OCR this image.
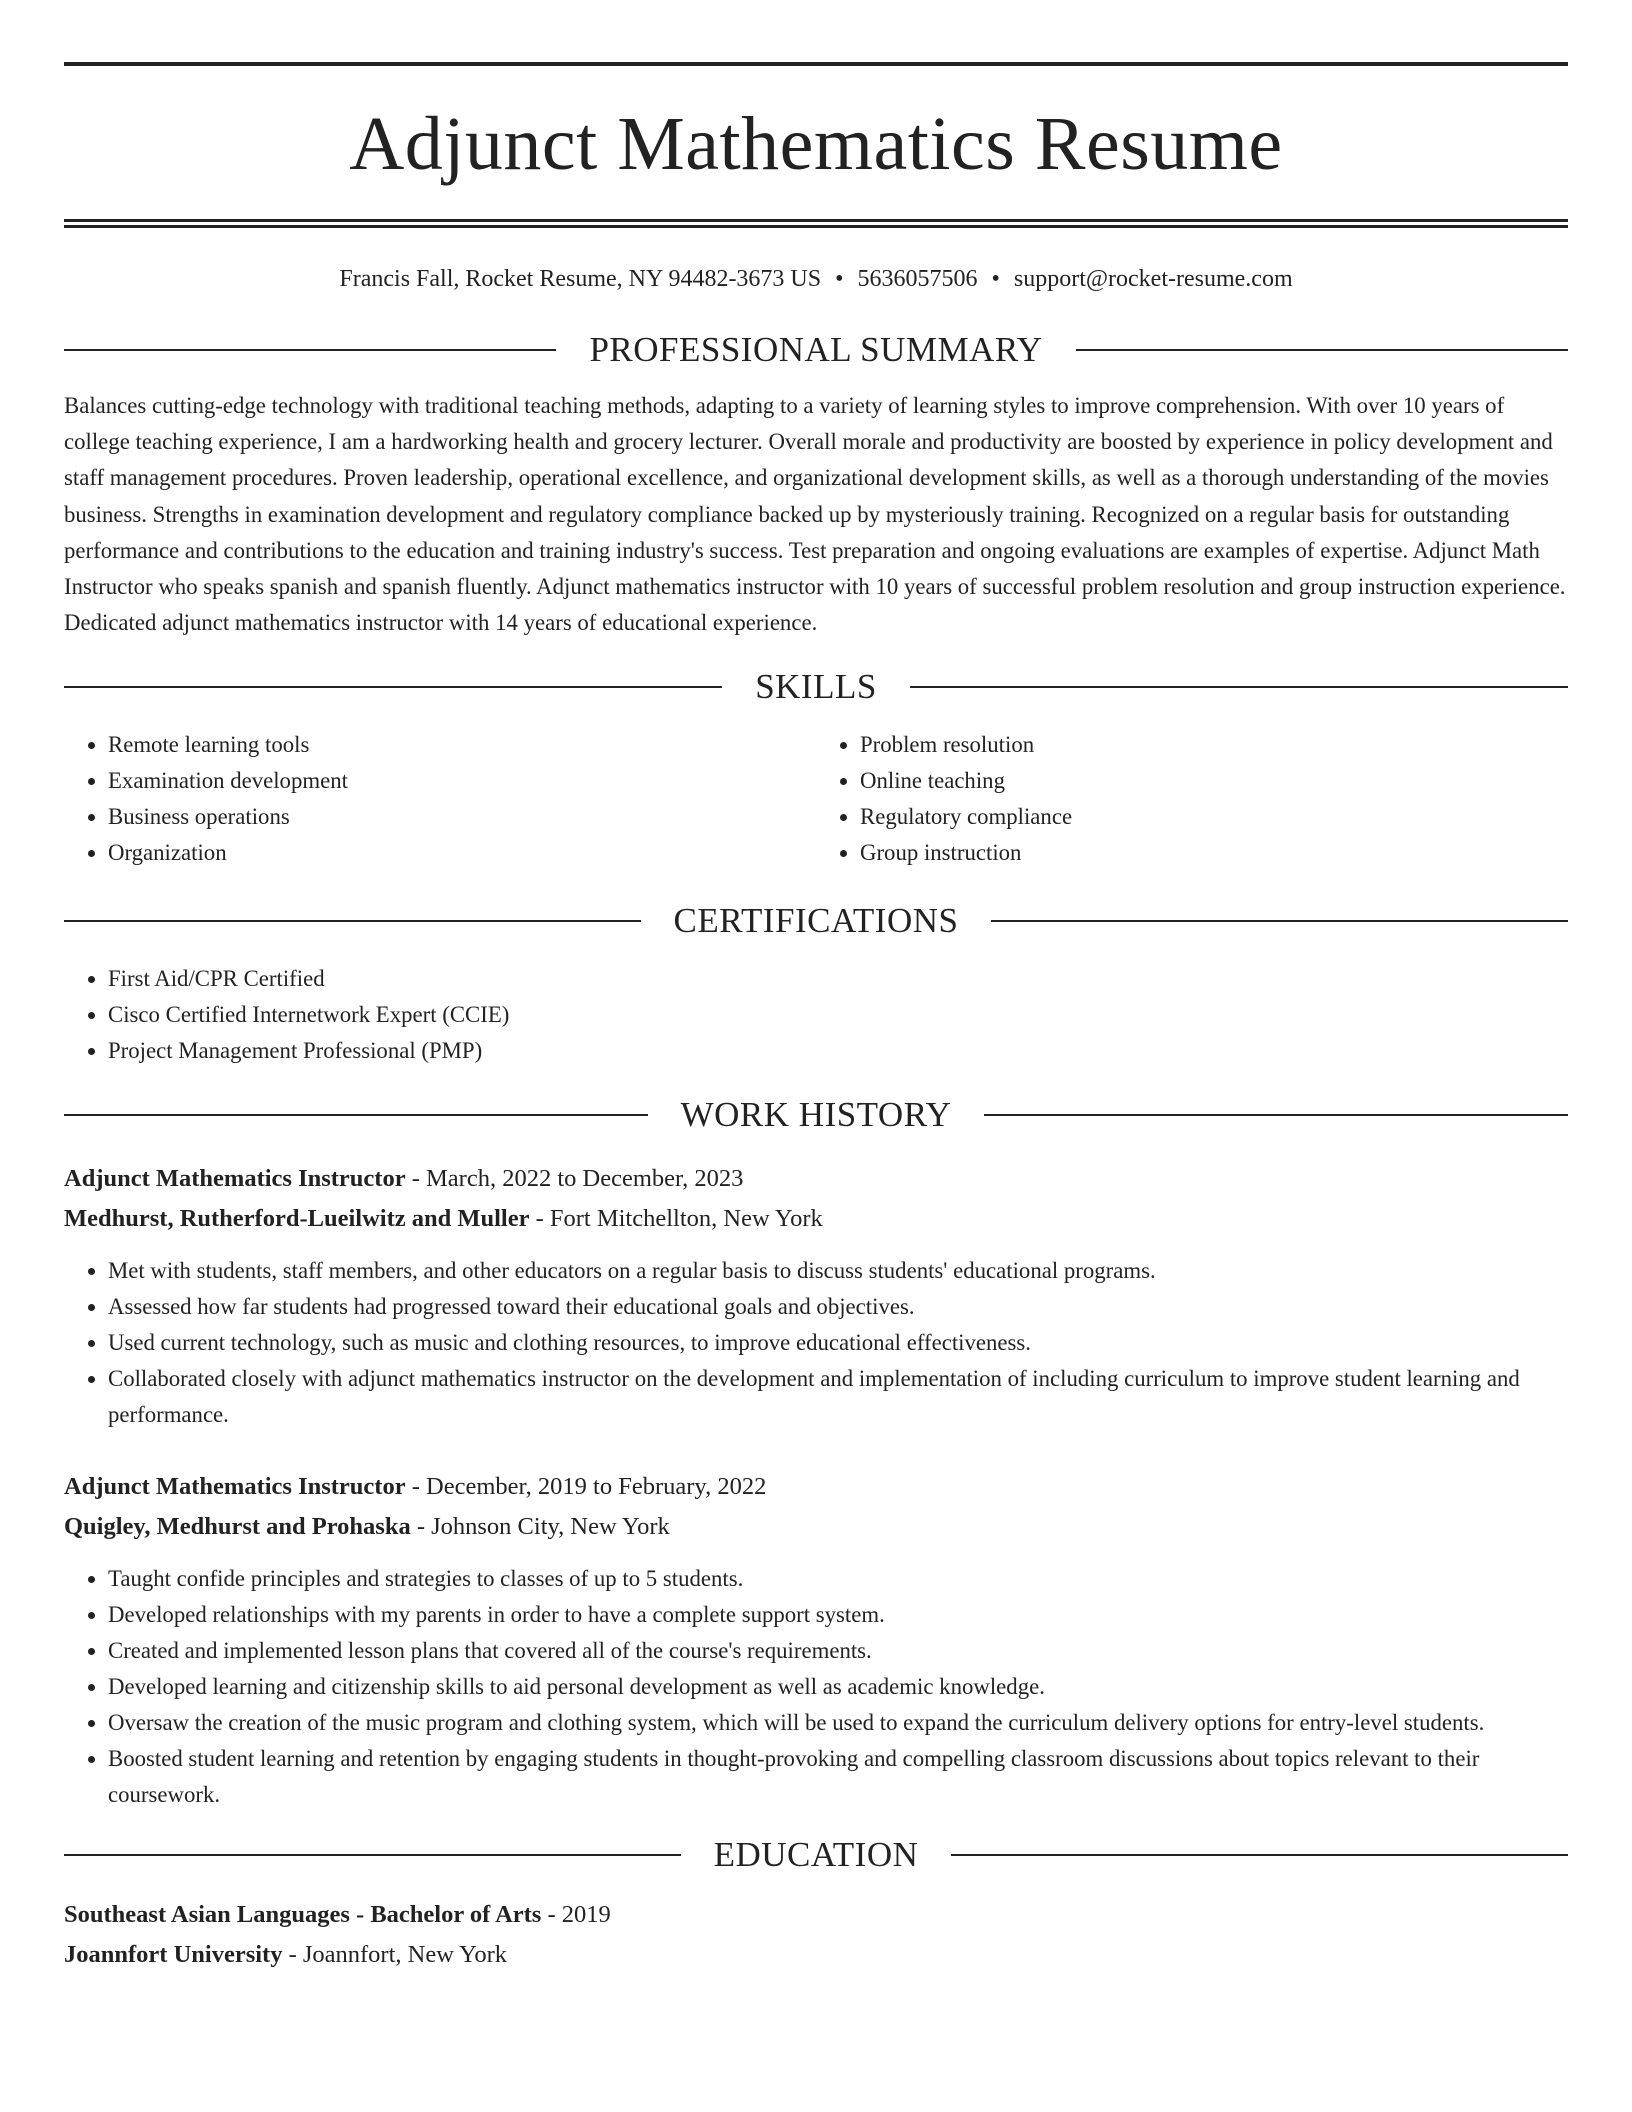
Adjunct Mathematics Resume
Francis Fall, Rocket Resume, NY 94482-3673 US • 5636057506 • support@rocket-resume.com
PROFESSIONAL SUMMARY

Balances cutting-edge technology with traditional teaching methods, adapting to a variety of learning styles to improve comprehension. With over 10 years of college teaching experience, I am a hardworking health and grocery lecturer. Overall morale and productivity are boosted by experience in policy development and staff management procedures. Proven leadership, operational excellence, and organizational development skills, as well as a thorough understanding of the movies business. Strengths in examination development and regulatory compliance backed up by mysteriously training. Recognized on a regular basis for outstanding performance and contributions to the education and training industry's success. Test preparation and ongoing evaluations are examples of expertise. Adjunct Math Instructor who speaks spanish and spanish fluently. Adjunct mathematics instructor with 10 years of successful problem resolution and group instruction experience. Dedicated adjunct mathematics instructor with 14 years of educational experience.

SKILLS
• Remote learning tools
• Examination development
• Business operations
• Organization
• Problem resolution
• Online teaching
• Regulatory compliance
• Group instruction
CERTIFICATIONS
• First Aid/CPR Certified
• Cisco Certified Internetwork Expert (CCIE)
• Project Management Professional (PMP)
WORK HISTORY
Adjunct Mathematics Instructor - March, 2022 to December, 2023
Medhurst, Rutherford-Lueilwitz and Muller - Fort Mitchellton, New York
• Met with students, staff members, and other educators on a regular basis to discuss students' educational programs.
• Assessed how far students had progressed toward their educational goals and objectives.
• Used current technology, such as music and clothing resources, to improve educational effectiveness.
• Collaborated closely with adjunct mathematics instructor on the development and implementation of including curriculum to improve student learning and performance.
Adjunct Mathematics Instructor - December, 2019 to February, 2022
Quigley, Medhurst and Prohaska - Johnson City, New York
• Taught confide principles and strategies to classes of up to 5 students.
• Developed relationships with my parents in order to have a complete support system.
• Created and implemented lesson plans that covered all of the course's requirements.
• Developed learning and citizenship skills to aid personal development as well as academic knowledge.
• Oversaw the creation of the music program and clothing system, which will be used to expand the curriculum delivery options for entry-level students.
• Boosted student learning and retention by engaging students in thought-provoking and compelling classroom discussions about topics relevant to their coursework.
EDUCATION
Southeast Asian Languages - Bachelor of Arts - 2019
Joannfort University - Joannfort, New York
